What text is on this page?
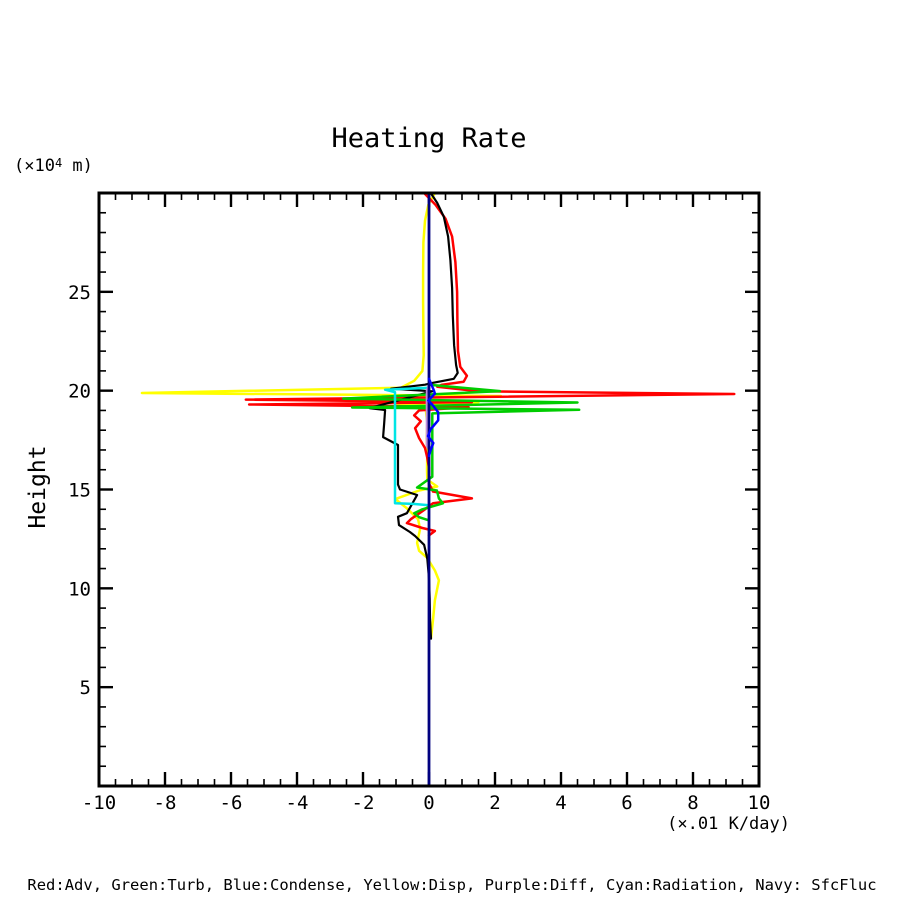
-10 -8 -6 -4 -2	0	2	4	6	8	10
5
10
15
20
25
Heating Rate
($\times 10^4$ m)
Height
(×.01 K/day)
Red:Adv, Green:Turb, Blue:Condense, Yellow:Disp, Purple:Diff, Cyan:Radiation, Navy: SfcFluc
